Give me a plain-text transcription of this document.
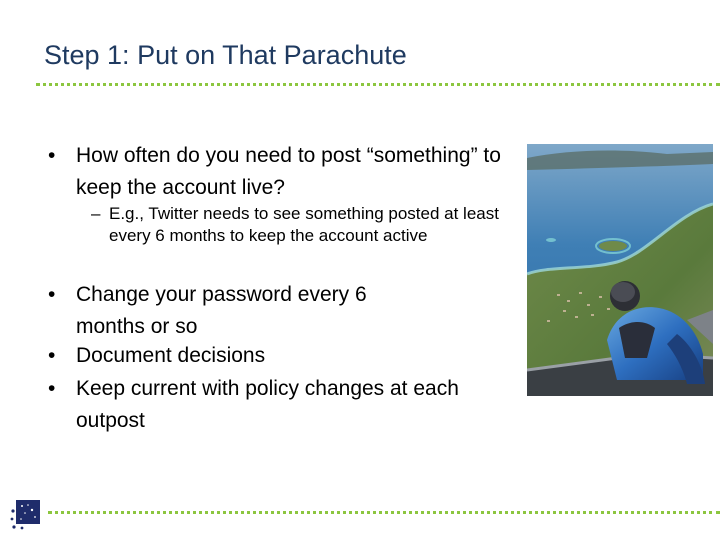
Step 1: Put on That Parachute
• How often do you need to post “something” to keep the account live?
– E.g., Twitter needs to see something posted at least every 6 months to keep the account active
• Change your password every 6 months or so
• Document decisions
• Keep current with policy changes at each outpost
